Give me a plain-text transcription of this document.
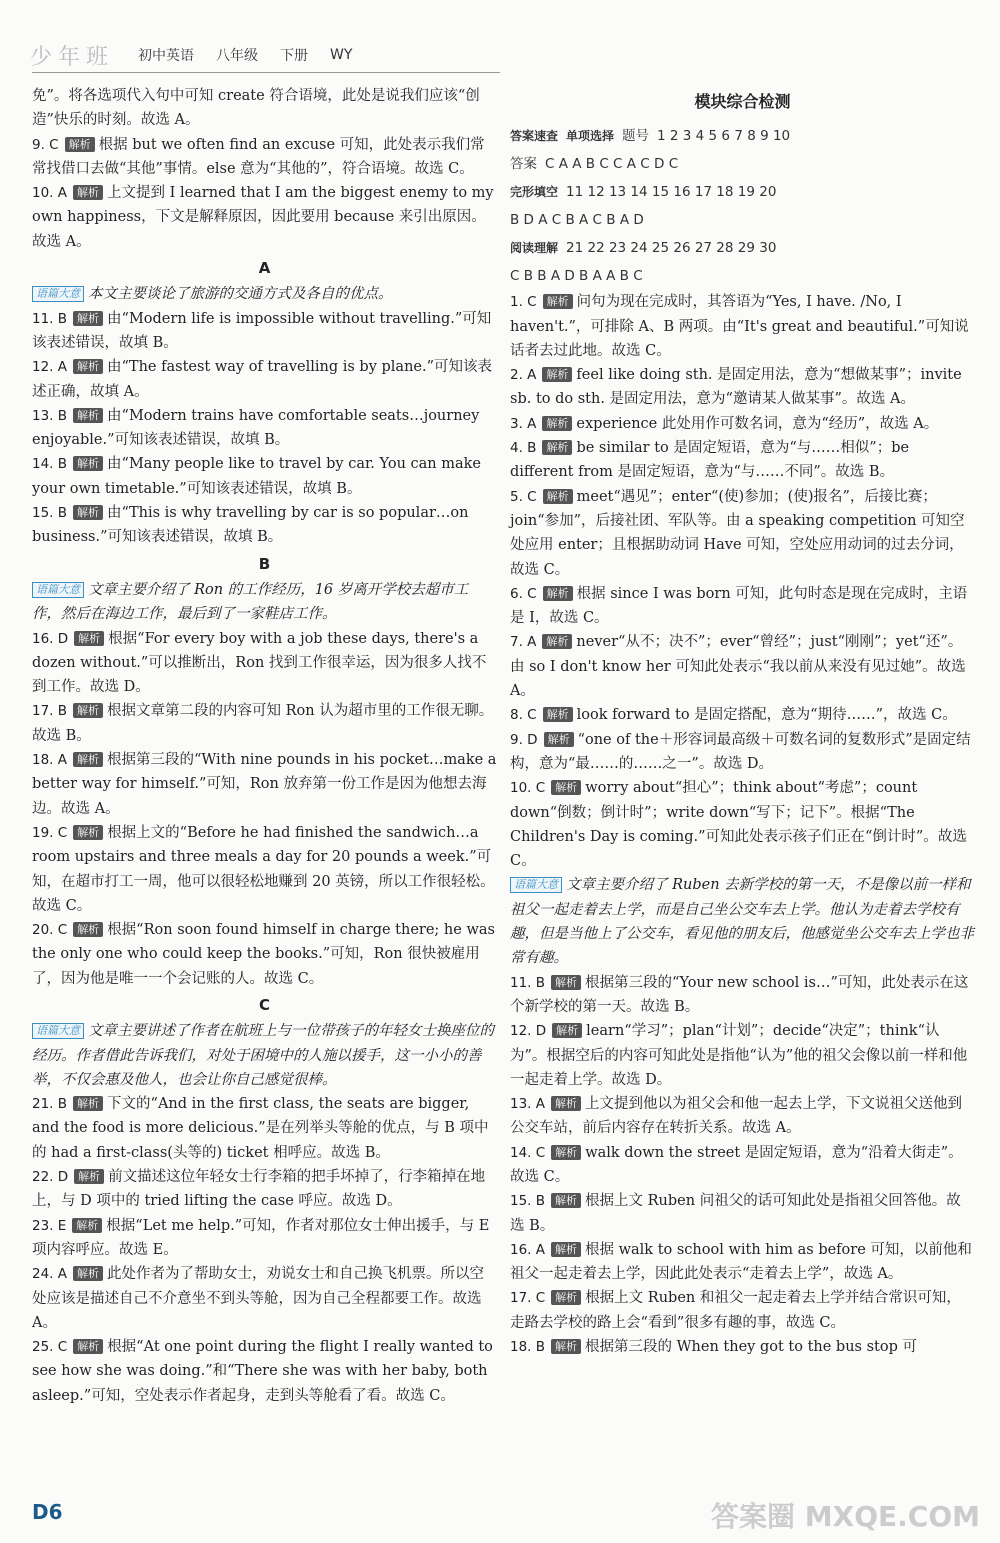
少年班 初中英语 八年级 下册 WY
免”。将各选项代入句中可知 create 符合语境，此处是说我们应该“创造”快乐的时刻。故选 A。
9. C 解析 根据 but we often find an excuse 可知，此处表示我们常常找借口去做“其他”事情。else 意为“其他的”，符合语境。故选 C。
10. A 解析 上文提到 I learned that I am the biggest enemy to my own happiness，下文是解释原因，因此要用 because 来引出原因。故选 A。
A
语篇大意 本文主要谈论了旅游的交通方式及各自的优点。
11. B 解析 由“Modern life is impossible without travelling.”可知该表述错误，故填 B。
12. A 解析 由“The fastest way of travelling is by plane.”可知该表述正确，故填 A。
13. B 解析 由“Modern trains have comfortable seats…journey enjoyable.”可知该表述错误，故填 B。
14. B 解析 由“Many people like to travel by car. You can make your own timetable.”可知该表述错误，故填 B。
15. B 解析 由“This is why travelling by car is so popular…on business.”可知该表述错误，故填 B。
B
语篇大意 文章主要介绍了 Ron 的工作经历，16 岁离开学校去超市工作，然后在海边工作，最后到了一家鞋店工作。
16. D 解析 根据“For every boy with a job these days, there's a dozen without.”可以推断出，Ron 找到工作很幸运，因为很多人找不到工作。故选 D。
17. B 解析 根据文章第二段的内容可知 Ron 认为超市里的工作很无聊。故选 B。
18. A 解析 根据第三段的“With nine pounds in his pocket…make a better way for himself.”可知，Ron 放弃第一份工作是因为他想去海边。故选 A。
19. C 解析 根据上文的“Before he had finished the sandwich…a room upstairs and three meals a day for 20 pounds a week.”可知，在超市打工一周，他可以很轻松地赚到 20 英镑，所以工作很轻松。故选 C。
20. C 解析 根据“Ron soon found himself in charge there; he was the only one who could keep the books.”可知，Ron 很快被雇用了，因为他是唯一一个会记账的人。故选 C。
C
语篇大意 文章主要讲述了作者在航班上与一位带孩子的年轻女士换座位的经历。作者借此告诉我们，对处于困境中的人施以援手，这一小小的善举，不仅会惠及他人，也会让你自己感觉很棒。
21. B 解析 下文的“And in the first class, the seats are bigger, and the food is more delicious.”是在列举头等舱的优点，与 B 项中的 had a first-class(头等的) ticket 相呼应。故选 B。
22. D 解析 前文描述这位年轻女士行李箱的把手坏掉了，行李箱掉在地上，与 D 项中的 tried lifting the case 呼应。故选 D。
23. E 解析 根据“Let me help.”可知，作者对那位女士伸出援手，与 E 项内容呼应。故选 E。
24. A 解析 此处作者为了帮助女士，劝说女士和自己换飞机票。所以空处应该是描述自己不介意坐不到头等舱，因为自己全程都要工作。故选 A。
25. C 解析 根据“At one point during the flight I really wanted to see how she was doing.”和“There she was with her baby, both asleep.”可知，空处表示作者起身，走到头等舱看了看。故选 C。
模块综合检测
答案速查 单项选择 题号 1 2 3 4 5 6 7 8 9 10
答案 C A A B C C A C D C
完形填空 11 12 13 14 15 16 17 18 19 20
B D A C B A C B A D
阅读理解 21 22 23 24 25 26 27 28 29 30
C B B A D B A A B C
1. C 解析 问句为现在完成时，其答语为“Yes, I have. /No, I haven't.”，可排除 A、B 两项。由“It's great and beautiful.”可知说话者去过此地。故选 C。
2. A 解析 feel like doing sth. 是固定用法，意为“想做某事”；invite sb. to do sth. 是固定用法，意为“邀请某人做某事”。故选 A。
3. A 解析 experience 此处用作可数名词，意为“经历”，故选 A。
4. B 解析 be similar to 是固定短语，意为“与……相似”；be different from 是固定短语，意为“与……不同”。故选 B。
5. C 解析 meet“遇见”；enter“(使)参加；(使)报名”，后接比赛；join“参加”，后接社团、军队等。由 a speaking competition 可知空处应用 enter；且根据助动词 Have 可知，空处应用动词的过去分词，故选 C。
6. C 解析 根据 since I was born 可知，此句时态是现在完成时，主语是 I，故选 C。
7. A 解析 never“从不；决不”；ever“曾经”；just“刚刚”；yet“还”。由 so I don't know her 可知此处表示“我以前从来没有见过她”。故选 A。
8. C 解析 look forward to 是固定搭配，意为“期待……”，故选 C。
9. D 解析 “one of the＋形容词最高级＋可数名词的复数形式”是固定结构，意为“最……的……之一”。故选 D。
10. C 解析 worry about“担心”；think about“考虑”；count down“倒数；倒计时”；write down“写下；记下”。根据“The Children's Day is coming.”可知此处表示孩子们正在“倒计时”。故选 C。
语篇大意 文章主要介绍了 Ruben 去新学校的第一天，不是像以前一样和祖父一起走着去上学，而是自己坐公交车去上学。他认为走着去学校有趣，但是当他上了公交车，看见他的朋友后，他感觉坐公交车去上学也非常有趣。
11. B 解析 根据第三段的“Your new school is…”可知，此处表示在这个新学校的第一天。故选 B。
12. D 解析 learn“学习”；plan“计划”；decide“决定”；think“认为”。根据空后的内容可知此处是指他“认为”他的祖父会像以前一样和他一起走着上学。故选 D。
13. A 解析 上文提到他以为祖父会和他一起去上学，下文说祖父送他到公交车站，前后内容存在转折关系。故选 A。
14. C 解析 walk down the street 是固定短语，意为“沿着大街走”。故选 C。
15. B 解析 根据上文 Ruben 问祖父的话可知此处是指祖父回答他。故选 B。
16. A 解析 根据 walk to school with him as before 可知，以前他和祖父一起走着去上学，因此此处表示“走着去上学”，故选 A。
17. C 解析 根据上文 Ruben 和祖父一起走着去上学并结合常识可知，走路去学校的路上会“看到”很多有趣的事，故选 C。
18. B 解析 根据第三段的 When they got to the bus stop 可
D6	答案圈 MXQE.COM
